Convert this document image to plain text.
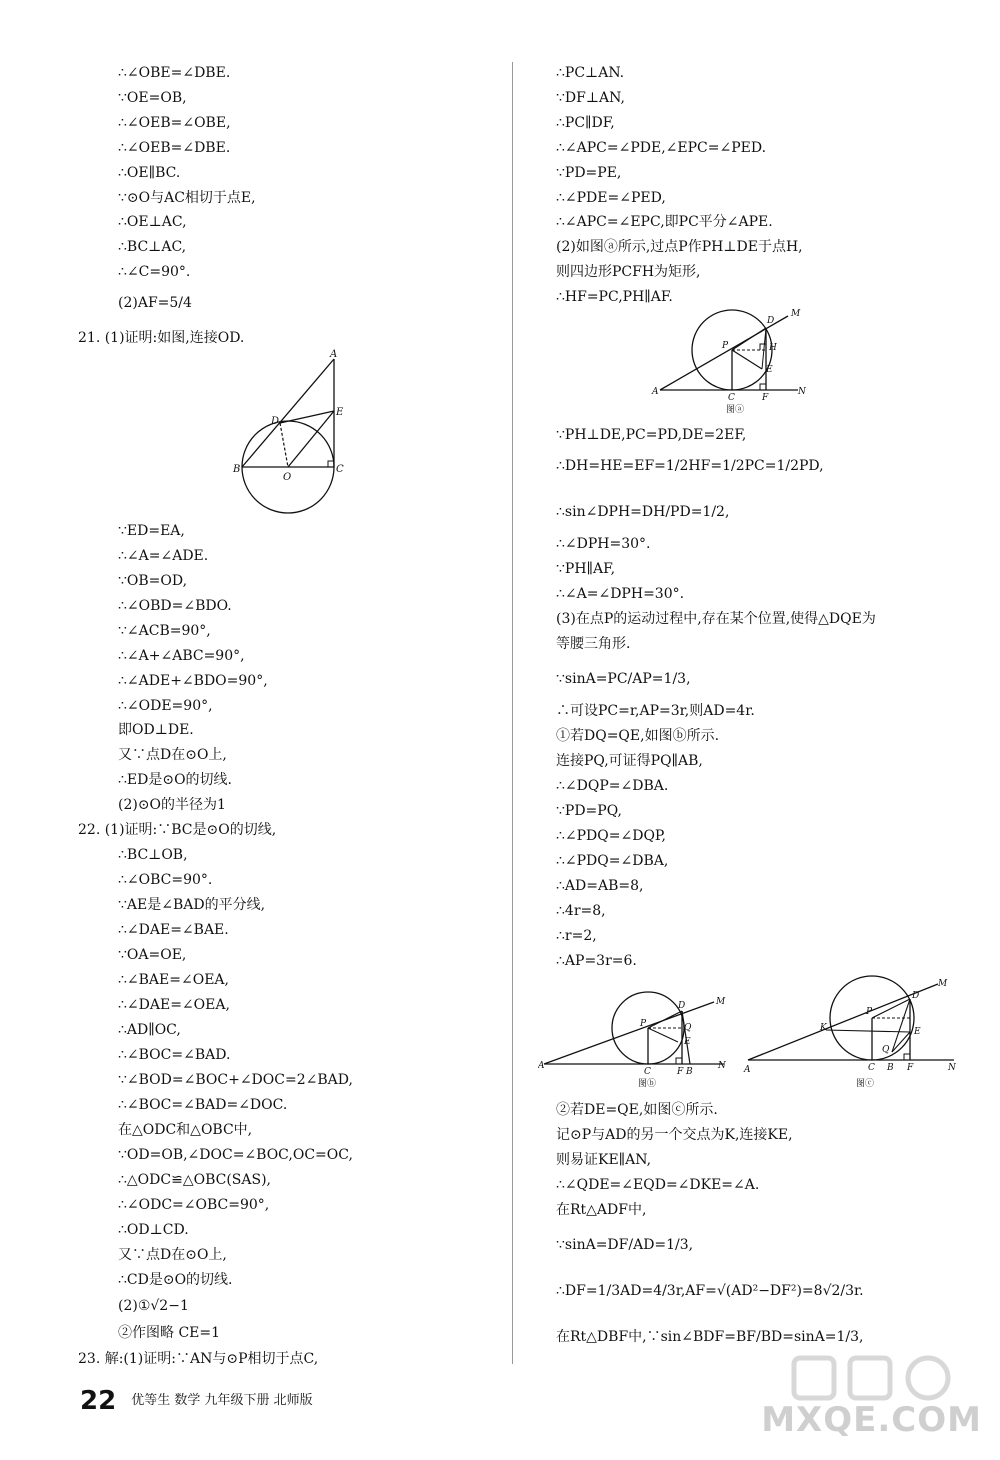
∴∠OBE=∠DBE.
∵OE=OB,
∴∠OEB=∠OBE,
∴∠OEB=∠DBE.
∴OE∥BC.
∵⊙O与AC相切于点E,
∴OE⊥AC,
∴BC⊥AC,
∴∠C=90°.
(2)AF=5/4
21. (1)证明:如图,连接OD.
∵ED=EA,
∴∠A=∠ADE.
∵OB=OD,
∴∠OBD=∠BDO.
∵∠ACB=90°,
∴∠A+∠ABC=90°,
∴∠ADE+∠BDO=90°,
∴∠ODE=90°,
即OD⊥DE.
又∵点D在⊙O上,
∴ED是⊙O的切线.
(2)⊙O的半径为1
22. (1)证明:∵BC是⊙O的切线,
∴BC⊥OB,
∴∠OBC=90°.
∵AE是∠BAD的平分线,
∴∠DAE=∠BAE.
∵OA=OE,
∴∠BAE=∠OEA,
∴∠DAE=∠OEA,
∴AD∥OC,
∴∠BOC=∠BAD.
∵∠BOD=∠BOC+∠DOC=2∠BAD,
∴∠BOC=∠BAD=∠DOC.
在△ODC和△OBC中,
∵OD=OB,∠DOC=∠BOC,OC=OC,
∴△ODC≌△OBC(SAS),
∴∠ODC=∠OBC=90°,
∴OD⊥CD.
又∵点D在⊙O上,
∴CD是⊙O的切线.
(2)①√2−1
②作图略 CE=1
23. 解:(1)证明:∵AN与⊙P相切于点C,
A
E
D
B	C
O
∴PC⊥AN.
∵DF⊥AN,
∴PC∥DF,
∴∠APC=∠PDE,∠EPC=∠PED.
∵PD=PE,
∴∠PDE=∠PED,
∴∠APC=∠EPC,即PC平分∠APE.
(2)如图ⓐ所示,过点P作PH⊥DE于点H,
则四边形PCFH为矩形,
∴HF=PC,PH∥AF.
∵PH⊥DE,PC=PD,DE=2EF,
∴DH=HE=EF=1/2HF=1/2PC=1/2PD,
∴sin∠DPH=DH/PD=1/2,
∴∠DPH=30°.
∵PH∥AF,
∴∠A=∠DPH=30°.
(3)在点P的运动过程中,存在某个位置,使得△DQE为
等腰三角形.
∵sinA=PC/AP=1/3,
∴可设PC=r,AP=3r,则AD=4r.
①若DQ=QE,如图ⓑ所示.
连接PQ,可证得PQ∥AB,
∴∠DQP=∠DBA.
∵PD=PQ,
∴∠PDQ=∠DQP,
∴∠PDQ=∠DBA,
∴AD=AB=8,
∴4r=8,
∴r=2,
∴AP=3r=6.
②若DE=QE,如图ⓒ所示.
记⊙P与AD的另一个交点为K,连接KE,
则易证KE∥AN,
∴∠QDE=∠EQD=∠DKE=∠A.
在Rt△ADF中,
∵sinA=DF/AD=1/3,
∴DF=1/3AD=4/3r,AF=√(AD²−DF²)=8√2/3r.
在Rt△DBF中,∵sin∠BDF=BF/BD=sinA=1/3,
D
M
H
E
P
A
C	F
N
图ⓐ
D	M
Q
E
P
A
C	F B
N
图ⓑ
D
M
E
K
P
Q
A	C B F	N
图ⓒ
22 $^{优等生 数学 九年级下册 北师版}$	MXQE.COM
